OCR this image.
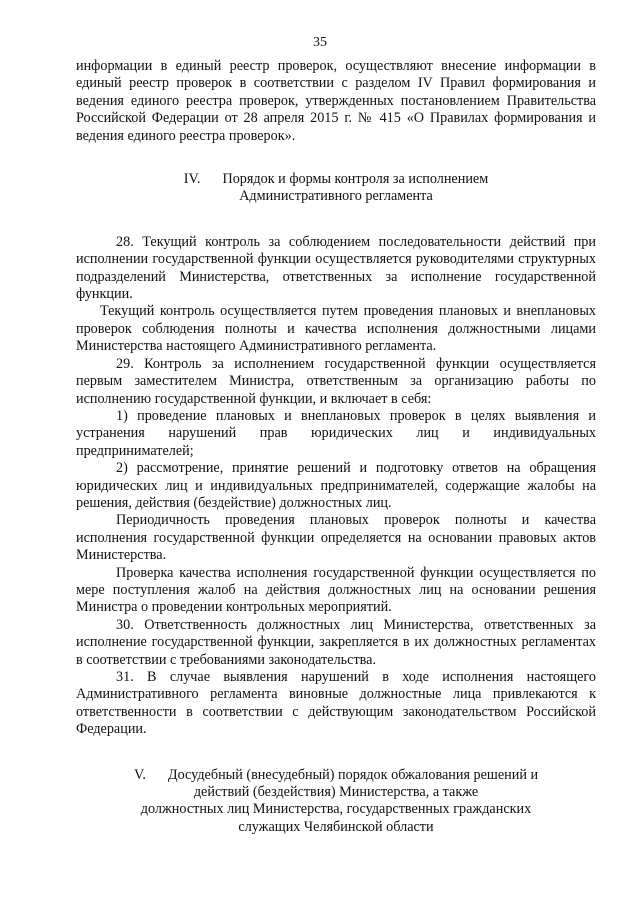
35

информации в единый реестр проверок, осуществляют внесение информации в единый реестр проверок в соответствии с разделом IV Правил формирования и ведения единого реестра проверок, утвержденных постановлением Правительства Российской Федерации от 28 апреля 2015 г. № 415 «О Правилах формирования и ведения единого реестра проверок».

IV. Порядок и формы контроля за исполнением
Административного регламента

28. Текущий контроль за соблюдением последовательности действий при исполнении государственной функции осуществляется руководителями структурных подразделений Министерства, ответственных за исполнение государственной функции.

Текущий контроль осуществляется путем проведения плановых и внеплановых проверок соблюдения полноты и качества исполнения должностными лицами Министерства настоящего Административного регламента.

29. Контроль за исполнением государственной функции осуществляется первым заместителем Министра, ответственным за организацию работы по исполнению государственной функции, и включает в себя:

1) проведение плановых и внеплановых проверок в целях выявления и устранения нарушений прав юридических лиц и индивидуальных предпринимателей;

2) рассмотрение, принятие решений и подготовку ответов на обращения юридических лиц и индивидуальных предпринимателей, содержащие жалобы на решения, действия (бездействие) должностных лиц.

Периодичность проведения плановых проверок полноты и качества исполнения государственной функции определяется на основании правовых актов Министерства.

Проверка качества исполнения государственной функции осуществляется по мере поступления жалоб на действия должностных лиц на основании решения Министра о проведении контрольных мероприятий.

30. Ответственность должностных лиц Министерства, ответственных за исполнение государственной функции, закрепляется в их должностных регламентах в соответствии с требованиями законодательства.

31. В случае выявления нарушений в ходе исполнения настоящего Административного регламента виновные должностные лица привлекаются к ответственности в соответствии с действующим законодательством Российской Федерации.

V. Досудебный (внесудебный) порядок обжалования решений и
действий (бездействия) Министерства, а также
должностных лиц Министерства, государственных гражданских
служащих Челябинской области
